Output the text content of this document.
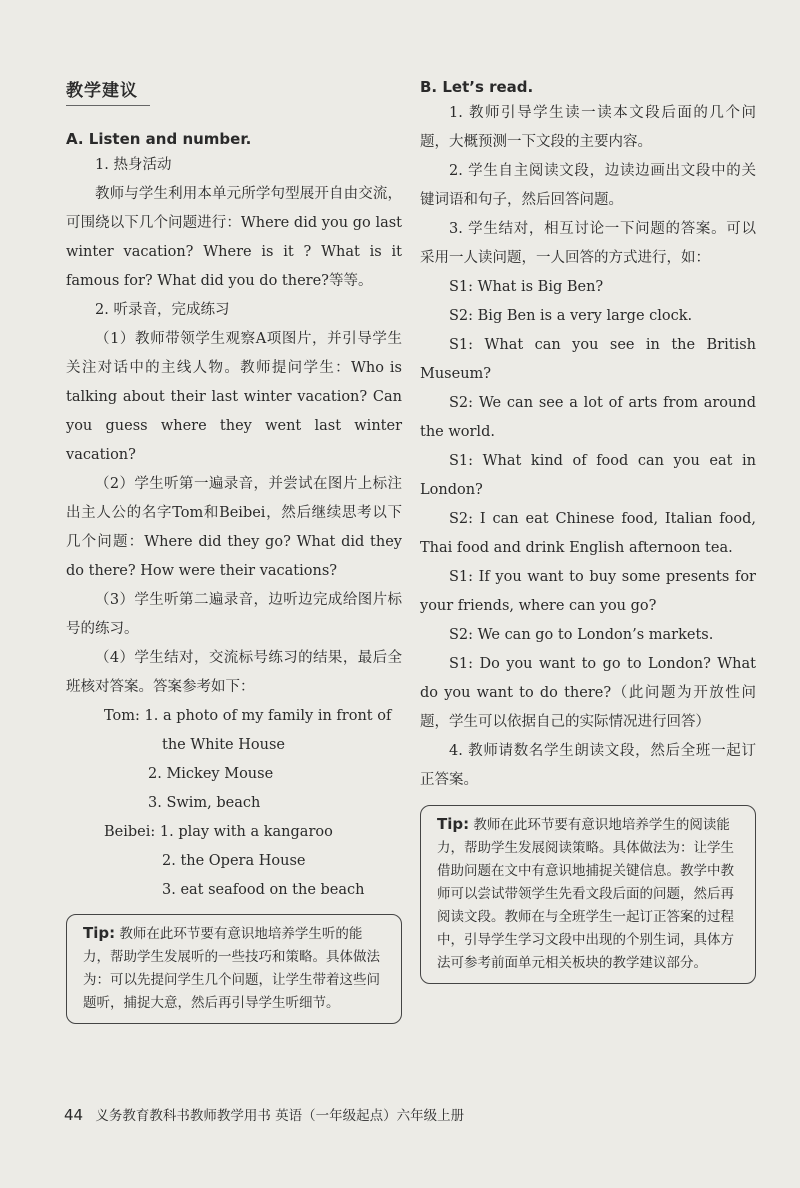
教学建议
A. Listen and number.

1. 热身活动

教师与学生利用本单元所学句型展开自由交流，可围绕以下几个问题进行：Where did you go last winter vacation? Where is it ? What is it famous for? What did you do there?等等。

2. 听录音，完成练习

（1）教师带领学生观察A项图片，并引导学生关注对话中的主线人物。教师提问学生：Who is talking about their last winter vacation? Can you guess where they went last winter vacation?

（2）学生听第一遍录音，并尝试在图片上标注出主人公的名字Tom和Beibei，然后继续思考以下几个问题：Where did they go? What did they do there? How were their vacations?

（3）学生听第二遍录音，边听边完成给图片标号的练习。

（4）学生结对，交流标号练习的结果，最后全班核对答案。答案参考如下：

Tom: 1. a photo of my family in front of
the White House
2. Mickey Mouse
3. Swim, beach
Beibei: 1. play with a kangaroo
2. the Opera House
3. eat seafood on the beach
Tip: 教师在此环节要有意识地培养学生听的能力，帮助学生发展听的一些技巧和策略。具体做法为：可以先提问学生几个问题，让学生带着这些问题听，捕捉大意，然后再引导学生听细节。
B. Let’s read.

1. 教师引导学生读一读本文段后面的几个问题，大概预测一下文段的主要内容。

2. 学生自主阅读文段，边读边画出文段中的关键词语和句子，然后回答问题。

3. 学生结对，相互讨论一下问题的答案。可以采用一人读问题，一人回答的方式进行，如：

S1: What is Big Ben?

S2: Big Ben is a very large clock.

S1: What can you see in the British Museum?

S2: We can see a lot of arts from around the world.

S1: What kind of food can you eat in London?

S2: I can eat Chinese food, Italian food, Thai food and drink English afternoon tea.

S1: If you want to buy some presents for your friends, where can you go?

S2: We can go to London’s markets.

S1: Do you want to go to London? What do you want to do there?（此问题为开放性问题，学生可以依据自己的实际情况进行回答）

4. 教师请数名学生朗读文段，然后全班一起订正答案。

Tip: 教师在此环节要有意识地培养学生的阅读能力，帮助学生发展阅读策略。具体做法为：让学生借助问题在文中有意识地捕捉关键信息。教学中教师可以尝试带领学生先看文段后面的问题，然后再阅读文段。教师在与全班学生一起订正答案的过程中，引导学生学习文段中出现的个别生词，具体方法可参考前面单元相关板块的教学建议部分。
44 义务教育教科书教师教学用书 英语（一年级起点）六年级上册
